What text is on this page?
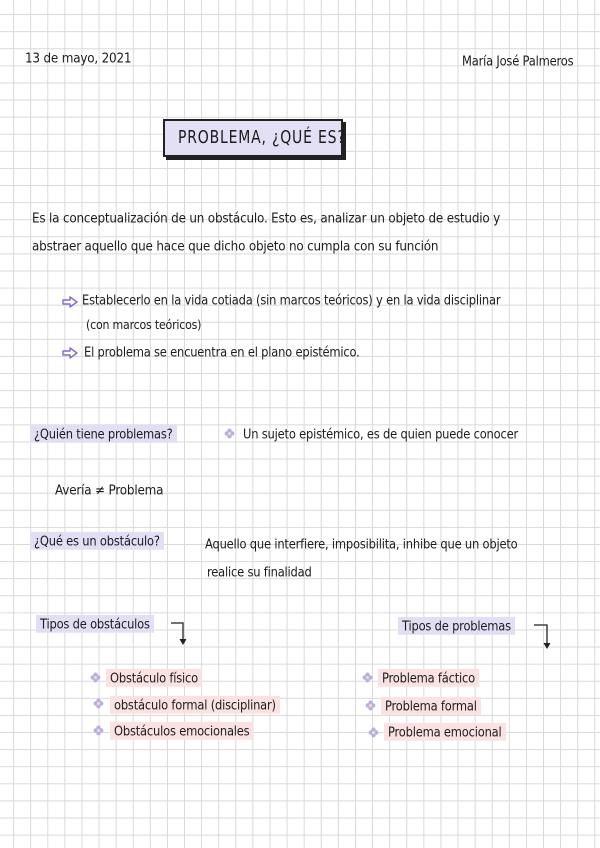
13 de mayo, 2021	María José Palmeros
PROBLEMA, ¿QUÉ ES?
Es la conceptualización de un obstáculo. Esto es, analizar un objeto de estudio y
abstraer aquello que hace que dicho objeto no cumpla con su función
Establecerlo en la vida cotiada (sin marcos teóricos) y en la vida disciplinar
(con marcos teóricos)
El problema se encuentra en el plano epistémico.
¿Quién tiene problemas?	Un sujeto epistémico, es de quien puede conocer
Avería ≠ Problema
¿Qué es un obstáculo?	Aquello que interfiere, imposibilita, inhibe que un objeto
realice su finalidad
Tipos de obstáculos
Obstáculo físico
obstáculo formal (disciplinar)
Obstáculos emocionales
Tipos de problemas
Problema fáctico
Problema formal
Problema emocional
